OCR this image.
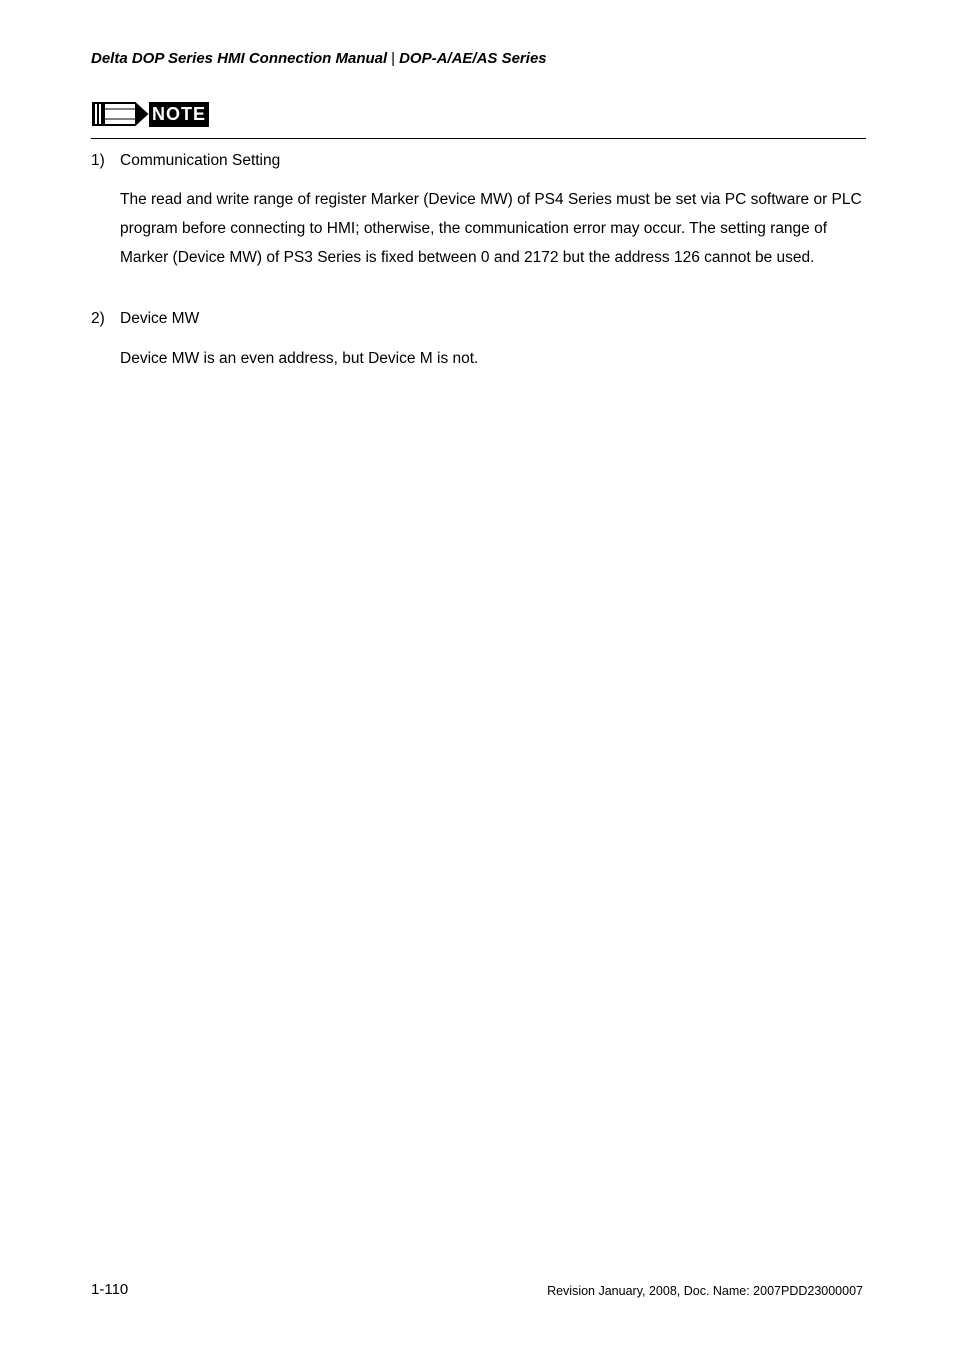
Delta DOP Series HMI Connection Manual | DOP-A/AE/AS Series
NOTE
1) Communication Setting
The read and write range of register Marker (Device MW) of PS4 Series must be set via PC software or PLC program before connecting to HMI; otherwise, the communication error may occur. The setting range of Marker (Device MW) of PS3 Series is fixed between 0 and 2172 but the address 126 cannot be used.
2) Device MW
Device MW is an even address, but Device M is not.
1-110	Revision January, 2008, Doc. Name: 2007PDD23000007
